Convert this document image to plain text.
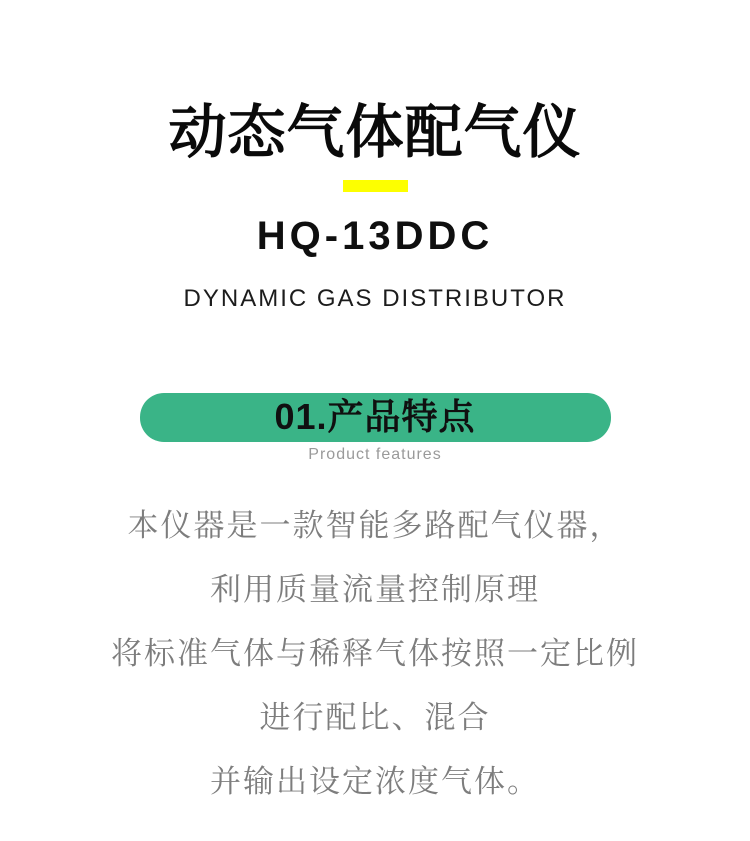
动态气体配气仪
HQ-13DDC
DYNAMIC GAS DISTRIBUTOR
01.产品特点
Product features

本仪器是一款智能多路配气仪器，

利用质量流量控制原理

将标准气体与稀释气体按照一定比例

进行配比、混合

并输出设定浓度气体。
